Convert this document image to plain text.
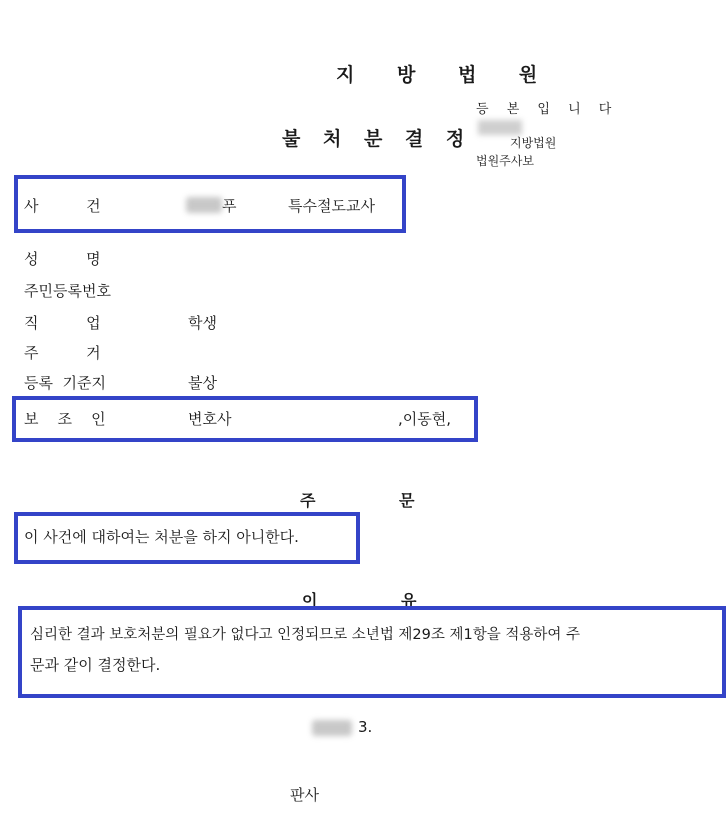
지 방 법 원
불 처 분 결 정
등 본 입 니 다
지방법원
법원주사보
사          건	푸	특수절도교사
성          명
주민등록번호
직          업	학생
주          거
등록  기준지	불상
보    조    인	변호사	,이동현,
주               문
이 사건에 대하여는 처분을 하지 아니한다.
이               유
심리한 결과 보호처분의 필요가 없다고 인정되므로 소년법 제29조 제1항을 적용하여 주
문과 같이 결정한다.
3.
판사
